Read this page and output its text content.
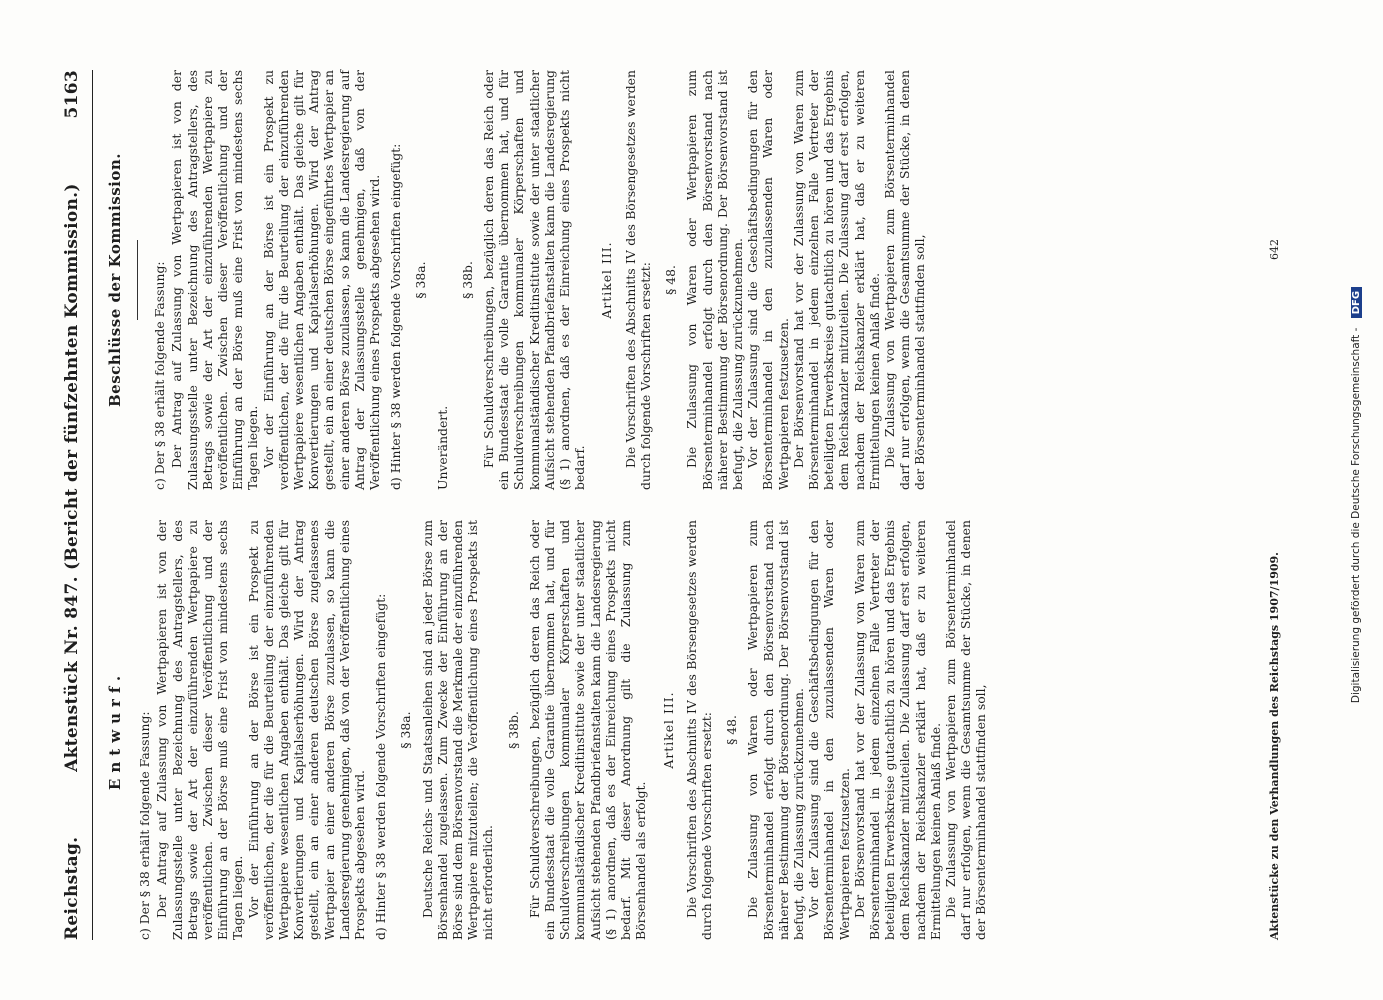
Reichstag.
Aktenstück Nr. 847. (Bericht der fünfzehnten Kommission.)
5163
Entwurf. c) Der § 38 erhält folgende Fassung: Der Antrag auf Zulassung von Wertpapieren ist von der Zulassungsstelle unter Bezeichnung des Antragstellers, des Betrags sowie der Art der einzuführenden Wertpapiere zu veröffentlichen. Zwischen dieser Veröffentlichung und der Einführung an der Börse muß eine Frist von mindestens sechs Tagen liegen. Vor der Einführung an der Börse ist ein Prospekt zu veröffentlichen, der die für die Beurteilung der einzuführenden Wertpapiere wesentlichen Angaben enthält. Das gleiche gilt für Konvertierungen und Kapitalserhöhungen. Wird der Antrag gestellt, ein an einer anderen deutschen Börse zugelassenes Wertpapier an einer anderen Börse zuzulassen, so kann die Landesregierung genehmigen, daß von der Veröffentlichung eines Prospekts abgesehen wird. d) Hinter § 38 werden folgende Vorschriften eingefügt: § 38a. Deutsche Reichs- und Staatsanleihen sind an jeder Börse zum Börsenhandel zugelassen. Zum Zwecke der Einführung an der Börse sind dem Börsenvorstand die Merkmale der einzuführenden Wertpapiere mitzuteilen; die Veröffentlichung eines Prospekts ist nicht erforderlich.

§ 38b. Für Schuldverschreibungen, bezüglich deren das Reich oder ein Bundesstaat die volle Garantie übernommen hat, und für Schuldverschreibungen kommunaler Körperschaften und kommunalständischer Kreditinstitute sowie der unter staatlicher Aufsicht stehenden Pfandbriefanstalten kann die Landesregierung (§ 1) anordnen, daß es der Einreichung eines Prospekts nicht bedarf. Mit dieser Anordnung gilt die Zulassung zum Börsenhandel als erfolgt.

Artikel III. Die Vorschriften des Abschnitts IV des Börsengesetzes werden durch folgende Vorschriften ersetzt: § 48. Die Zulassung von Waren oder Wertpapieren zum Börsenterminhandel erfolgt durch den Börsenvorstand nach näherer Bestimmung der Börsenordnung. Der Börsenvorstand ist befugt, die Zulassung zurückzunehmen. Vor der Zulassung sind die Geschäftsbedingungen für den Börsenterminhandel in den zuzulassenden Waren oder Wertpapieren festzusetzen. Der Börsenvorstand hat vor der Zulassung von Waren zum Börsenterminhandel in jedem einzelnen Falle Vertreter der beteiligten Erwerbskreise gutachtlich zu hören und das Ergebnis dem Reichskanzler mitzuteilen. Die Zulassung darf erst erfolgen, nachdem der Reichskanzler erklärt hat, daß er zu weiteren Ermittelungen keinen Anlaß finde. Die Zulassung von Wertpapieren zum Börsenterminhandel darf nur erfolgen, wenn die Gesamtsumme der Stücke, in denen der Börsenterminhandel stattfinden soll,

Beschlüsse der Kommission. c) Der § 38 erhält folgende Fassung: Der Antrag auf Zulassung von Wertpapieren ist von der Zulassungsstelle unter Bezeichnung des Antragstellers, des Betrags sowie der Art der einzuführenden Wertpapiere zu veröffentlichen. Zwischen dieser Veröffentlichung und der Einführung an der Börse muß eine Frist von mindestens sechs Tagen liegen. Vor der Einführung an der Börse ist ein Prospekt zu veröffentlichen, der die für die Beurteilung der einzuführenden Wertpapiere wesentlichen Angaben enthält. Das gleiche gilt für Konvertierungen und Kapitalserhöhungen. Wird der Antrag gestellt, ein an einer deutschen Börse eingeführtes Wertpapier an einer anderen Börse zuzulassen, so kann die Landesregierung auf Antrag der Zulassungsstelle genehmigen, daß von der Veröffentlichung eines Prospekts abgesehen wird. d) Hinter § 38 werden folgende Vorschriften eingefügt: § 38a.
Unverändert.
§ 38b. Für Schuldverschreibungen, bezüglich deren das Reich oder ein Bundesstaat die volle Garantie übernommen hat, und für Schuldverschreibungen kommunaler Körperschaften und kommunalständischer Kreditinstitute sowie der unter staatlicher Aufsicht stehenden Pfandbriefanstalten kann die Landesregierung (§ 1) anordnen, daß es der Einreichung eines Prospekts nicht bedarf.

Artikel III. Die Vorschriften des Abschnitts IV des Börsengesetzes werden durch folgende Vorschriften ersetzt: § 48. Die Zulassung von Waren oder Wertpapieren zum Börsenterminhandel erfolgt durch den Börsenvorstand nach näherer Bestimmung der Börsenordnung. Der Börsenvorstand ist befugt, die Zulassung zurückzunehmen. Vor der Zulassung sind die Geschäftsbedingungen für den Börsenterminhandel in den zuzulassenden Waren oder Wertpapieren festzusetzen. Der Börsenvorstand hat vor der Zulassung von Waren zum Börsenterminhandel in jedem einzelnen Falle Vertreter der beteiligten Erwerbskreise gutachtlich zu hören und das Ergebnis dem Reichskanzler mitzuteilen. Die Zulassung darf erst erfolgen, nachdem der Reichskanzler erklärt hat, daß er zu weiteren Ermittelungen keinen Anlaß finde. Die Zulassung von Wertpapieren zum Börsenterminhandel darf nur erfolgen, wenn die Gesamtsumme der Stücke, in denen der Börsenterminhandel stattfinden soll,

Aktenstücke zu den Verhandlungen des Reichstags 1907/1909.
642
Digitalisierung gefördert durch die Deutsche Forschungsgemeinschaft - DFG
